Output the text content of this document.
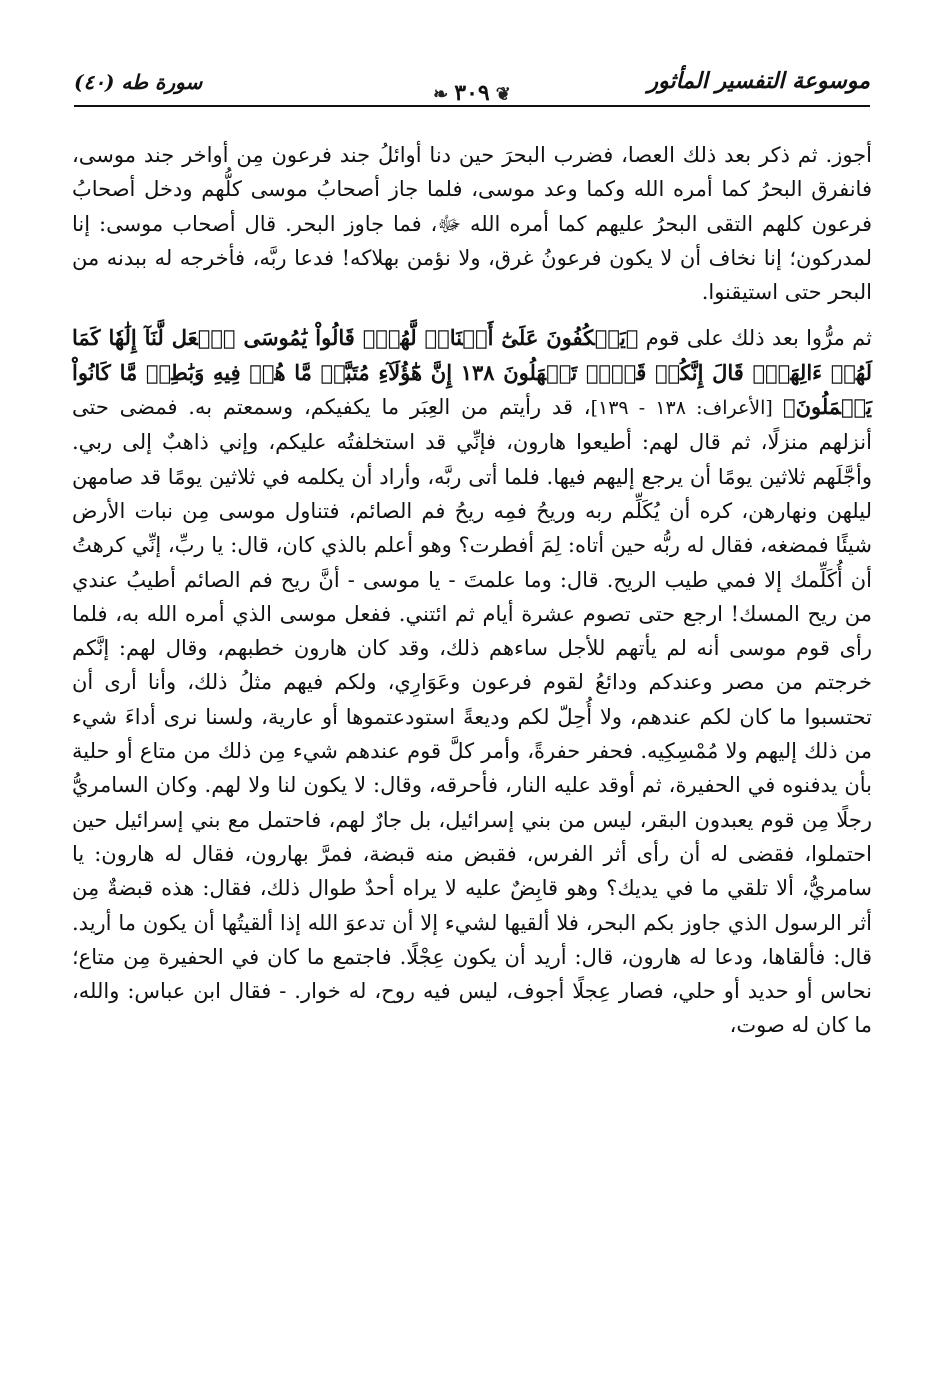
موسوعة التفسير المأثور
❦٣٠٩❧
سورة طه (٤٠)

أجوز. ثم ذكر بعد ذلك العصا، فضرب البحرَ حين دنا أوائلُ جند فرعون مِن أواخر جند موسى، فانفرق البحرُ كما أمره الله وكما وعد موسى، فلما جاز أصحابُ موسى كلُّهم ودخل أصحابُ فرعون كلهم التقى البحرُ عليهم كما أمره الله ﷻ، فما جاوز البحر. قال أصحاب موسى: إنا لمدركون؛ إنا نخاف أن لا يكون فرعونُ غرق، ولا نؤمن بهلاكه! فدعا ربَّه، فأخرجه له ببدنه من البحر حتى استيقنوا.

ثم مرُّوا بعد ذلك على قوم ﴿يَعۡكُفُونَ عَلَىٰٓ أَصۡنَامٖ لَّهُمۡۚ قَالُواْ يَٰمُوسَى ٱجۡعَل لَّنَآ إِلَٰهٗا كَمَا لَهُمۡ ءَالِهَةٞۚ قَالَ إِنَّكُمۡ قَوۡمٞ تَجۡهَلُونَ ١٣٨ إِنَّ هَٰٓؤُلَآءِ مُتَبَّرٞ مَّا هُمۡ فِيهِ وَبَٰطِلٞ مَّا كَانُواْ يَعۡمَلُونَ﴾ [الأعراف: ١٣٨ - ١٣٩]، قد رأيتم من العِبَر ما يكفيكم، وسمعتم به. فمضى حتى أنزلهم منزلًا، ثم قال لهم: أطيعوا هارون، فإنِّي قد استخلفتُه عليكم، وإني ذاهبٌ إلى ربي. وأجَّلَهم ثلاثين يومًا أن يرجع إليهم فيها. فلما أتى ربَّه، وأراد أن يكلمه في ثلاثين يومًا قد صامهن ليلهن ونهارهن، كره أن يُكَلِّم ربه وريحُ فمِه ريحُ فم الصائم، فتناول موسى مِن نبات الأرض شيئًا فمضغه، فقال له ربُّه حين أتاه: لِمَ أفطرت؟ وهو أعلم بالذي كان، قال: يا ربِّ، إنِّي كرهتُ أن أُكَلِّمك إلا فمي طيب الريح. قال: وما علمتَ - يا موسى - أنَّ ريح فم الصائم أطيبُ عندي من ريح المسك! ارجع حتى تصوم عشرة أيام ثم ائتني. ففعل موسى الذي أمره الله به، فلما رأى قوم موسى أنه لم يأتهم للأجل ساءهم ذلك، وقد كان هارون خطبهم، وقال لهم: إنَّكم خرجتم من مصر وعندكم ودائعُ لقوم فرعون وعَوَارِي، ولكم فيهم مثلُ ذلك، وأنا أرى أن تحتسبوا ما كان لكم عندهم، ولا أُحِلّ لكم وديعةً استودعتموها أو عارية، ولسنا نرى أداءَ شيء من ذلك إليهم ولا مُمْسِكِيه. فحفر حفرةً، وأمر كلَّ قوم عندهم شيء مِن ذلك من متاع أو حلية بأن يدفنوه في الحفيرة، ثم أوقد عليه النار، فأحرقه، وقال: لا يكون لنا ولا لهم. وكان السامريُّ رجلًا مِن قوم يعبدون البقر، ليس من بني إسرائيل، بل جارٌ لهم، فاحتمل مع بني إسرائيل حين احتملوا، فقضى له أن رأى أثر الفرس، فقبض منه قبضة، فمرَّ بهارون، فقال له هارون: يا سامريُّ، ألا تلقي ما في يديك؟ وهو قابِضٌ عليه لا يراه أحدٌ طوال ذلك، فقال: هذه قبضةٌ مِن أثر الرسول الذي جاوز بكم البحر، فلا ألقيها لشيء إلا أن تدعوَ الله إذا ألقيتُها أن يكون ما أريد. قال: فألقاها، ودعا له هارون، قال: أريد أن يكون عِجْلًا. فاجتمع ما كان في الحفيرة مِن متاع؛ نحاس أو حديد أو حلي، فصار عِجلًا أجوف، ليس فيه روح، له خوار. - فقال ابن عباس: والله، ما كان له صوت،
